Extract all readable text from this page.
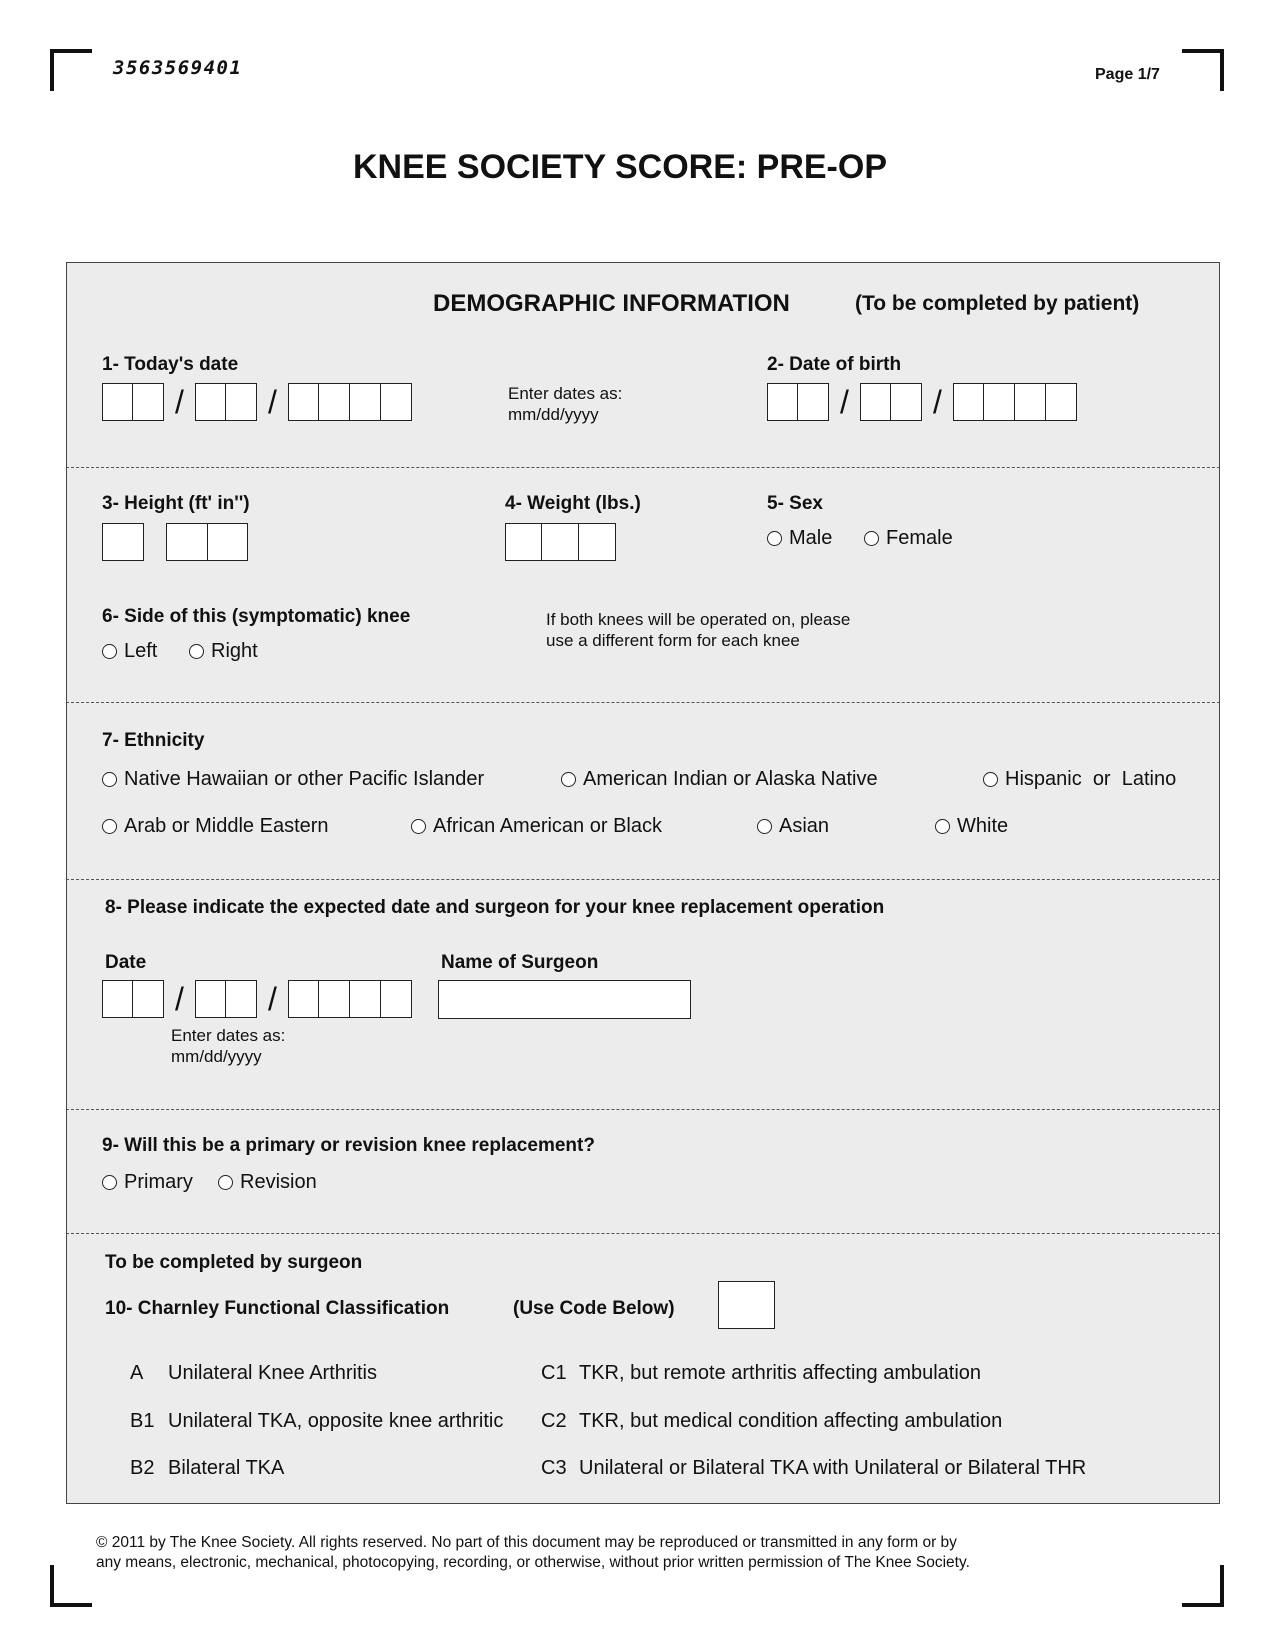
3563569401	Page 1/7
KNEE SOCIETY SCORE: PRE-OP
DEMOGRAPHIC INFORMATION	(To be completed by patient)
1- Today's date
/	/	Enter dates as:
mm/dd/yyyy
2- Date of birth
/	/
3- Height (ft' in'')	4- Weight (lbs.)	5- Sex
Male	Female
6- Side of this (symptomatic) knee
Left	Right
If both knees will be operated on, please
use a different form for each knee
7- Ethnicity
Native Hawaiian or other Pacific Islander	American Indian or Alaska Native	Hispanic  or  Latino
Arab or Middle Eastern	African American or Black	Asian	White
8- Please indicate the expected date and surgeon for your knee replacement operation
Date
/	/
Enter dates as:
mm/dd/yyyy
Name of Surgeon
9- Will this be a primary or revision knee replacement?
Primary Revision
To be completed by surgeon
10- Charnley Functional Classification	(Use Code Below)
A Unilateral Knee Arthritis
B1 Unilateral TKA, opposite knee arthritic
B2 Bilateral TKA
C1 TKR, but remote arthritis affecting ambulation
C2 TKR, but medical condition affecting ambulation
C3 Unilateral or Bilateral TKA with Unilateral or Bilateral THR
© 2011 by The Knee Society. All rights reserved. No part of this document may be reproduced or transmitted in any form or by
any means, electronic, mechanical, photocopying, recording, or otherwise, without prior written permission of The Knee Society.
